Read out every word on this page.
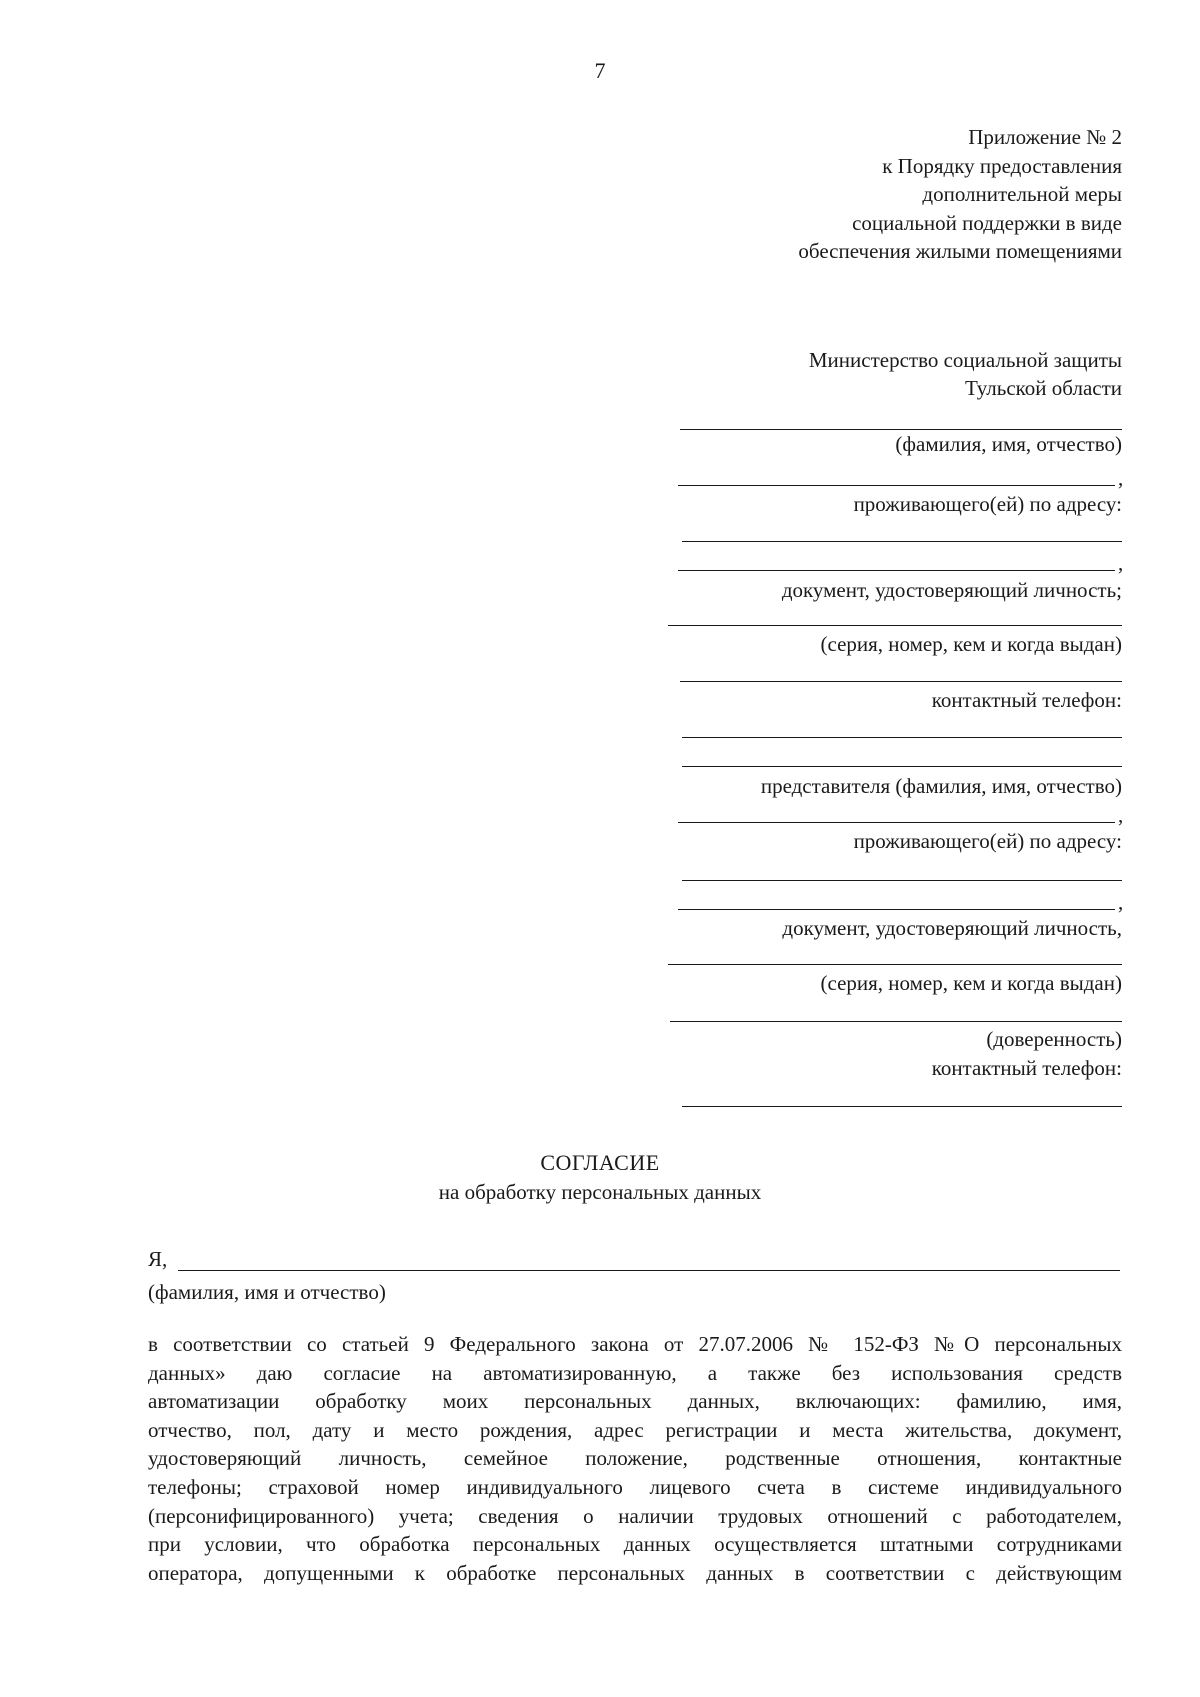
7
Приложение № 2
к Порядку предоставления
дополнительной меры
социальной поддержки в виде
обеспечения жилыми помещениями
Министерство социальной защиты
Тульской области
(фамилия, имя, отчество)
,
проживающего(ей) по адресу:
,
документ, удостоверяющий личность;
(серия, номер, кем и когда выдан)
контактный телефон:
представителя (фамилия, имя, отчество)
,
проживающего(ей) по адресу:
,
документ, удостоверяющий личность,
(серия, номер, кем и когда выдан)
(доверенность)
контактный телефон:
СОГЛАСИЕ
на обработку персональных данных
Я,
(фамилия, имя и отчество)
в соответствии со статьей 9 Федерального закона от 27.07.2006 № 152-ФЗ №О персональных
данных» даю согласие на автоматизированную, а также без использования средств
автоматизации обработку моих персональных данных, включающих: фамилию, имя,
отчество, пол, дату и место рождения, адрес регистрации и места жительства, документ,
удостоверяющий личность, семейное положение, родственные отношения, контактные
телефоны; страховой номер индивидуального лицевого счета в системе индивидуального
(персонифицированного) учета; сведения о наличии трудовых отношений с работодателем,
при условии, что обработка персональных данных осуществляется штатными сотрудниками
оператора, допущенными к обработке персональных данных в соответствии с действующим
